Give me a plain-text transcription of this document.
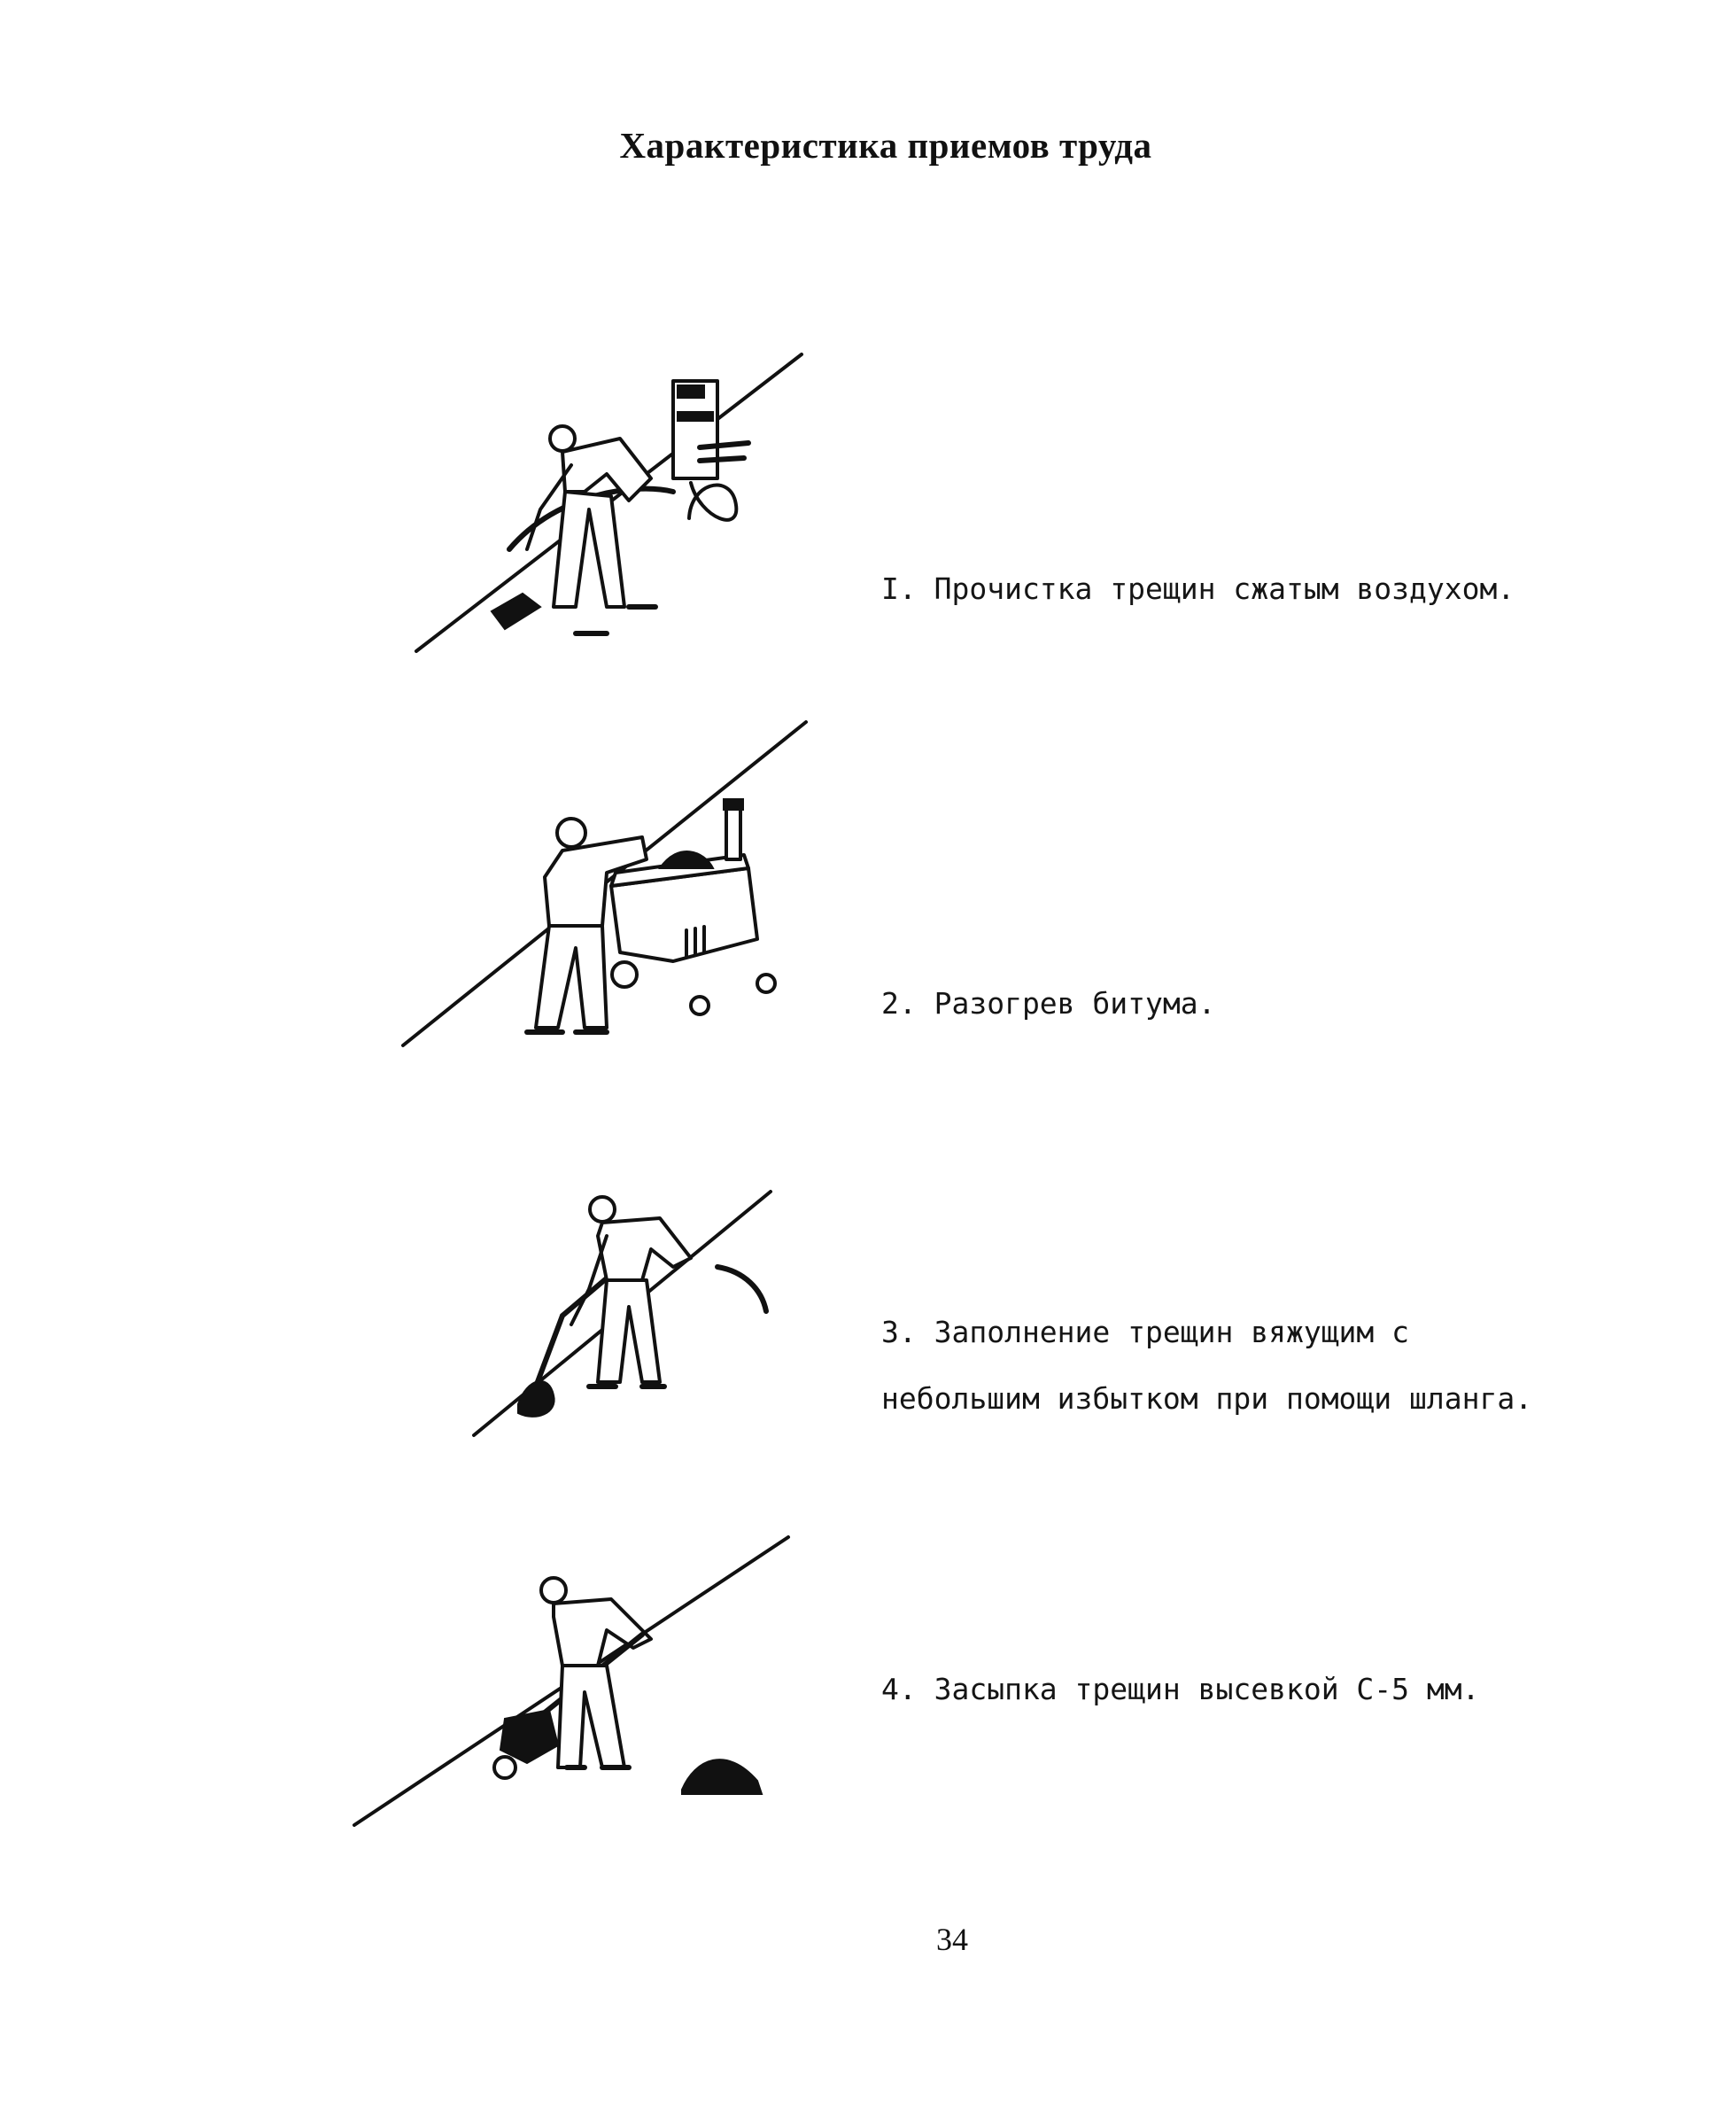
Характеристика приемов труда
I. Прочистка трещин сжатым воздухом.
2. Разогрев битума.
3. Заполнение трещин вяжущим с
небольшим избытком при помощи шланга.
4. Засыпка трещин высевкой С-5 мм.
34
